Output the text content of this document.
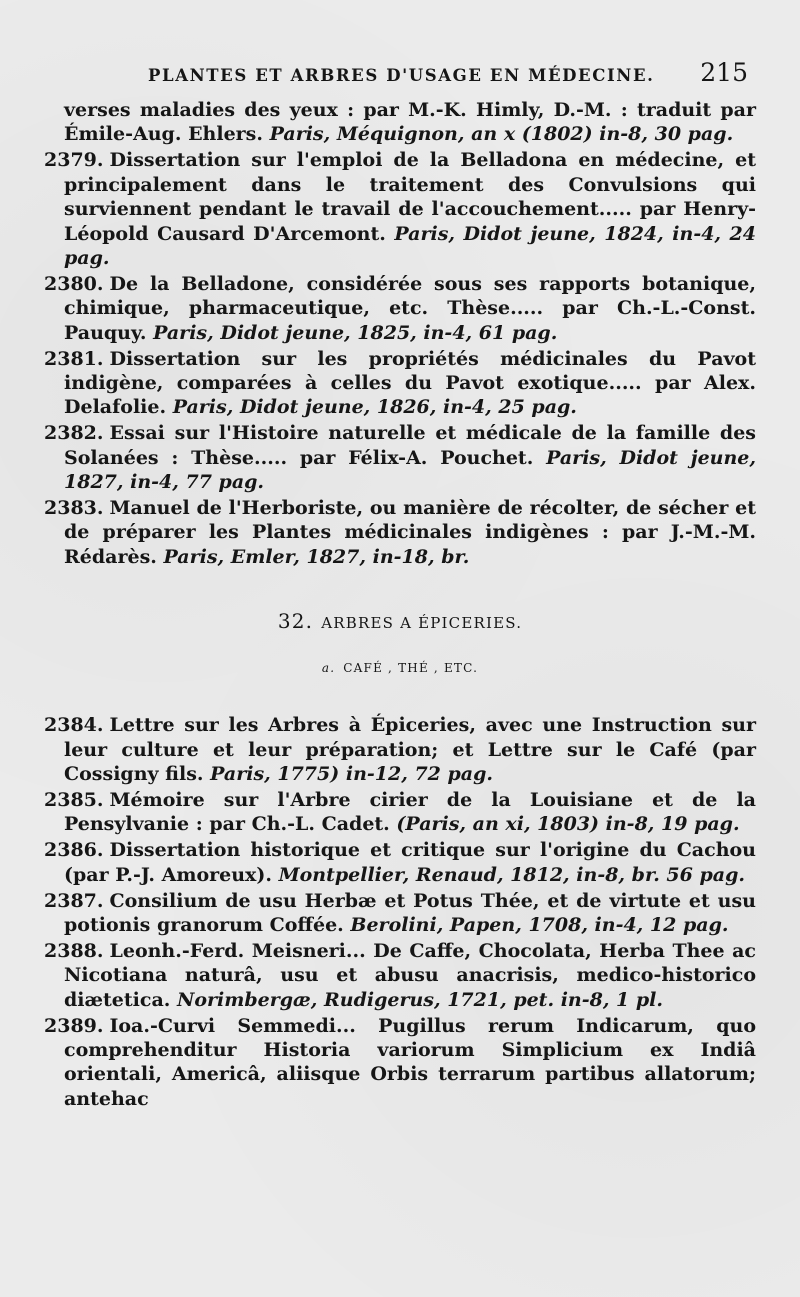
PLANTES ET ARBRES D'USAGE EN MÉDECINE. 215

verses maladies des yeux : par M.-K. Himly, D.-M. : traduit par Émile-Aug. Ehlers. Paris, Méquignon, an x (1802) in-8, 30 pag.

2379. Dissertation sur l'emploi de la Belladona en médecine, et principalement dans le traitement des Convulsions qui surviennent pendant le travail de l'accouchement..... par Henry-Léopold Causard D'Arcemont. Paris, Didot jeune, 1824, in-4, 24 pag.

2380. De la Belladone, considérée sous ses rapports botanique, chimique, pharmaceutique, etc. Thèse..... par Ch.-L.-Const. Pauquy. Paris, Didot jeune, 1825, in-4, 61 pag.

2381. Dissertation sur les propriétés médicinales du Pavot indigène, comparées à celles du Pavot exotique..... par Alex. Delafolie. Paris, Didot jeune, 1826, in-4, 25 pag.

2382. Essai sur l'Histoire naturelle et médicale de la famille des Solanées : Thèse..... par Félix-A. Pouchet. Paris, Didot jeune, 1827, in-4, 77 pag.

2383. Manuel de l'Herboriste, ou manière de récolter, de sécher et de préparer les Plantes médicinales indigènes : par J.-M.-M. Rédarès. Paris, Emler, 1827, in-18, br.

32. ARBRES A ÉPICERIES.
a. CAFÉ , THÉ , ETC.

2384. Lettre sur les Arbres à Épiceries, avec une Instruction sur leur culture et leur préparation; et Lettre sur le Café (par Cossigny fils. Paris, 1775) in-12, 72 pag.

2385. Mémoire sur l'Arbre cirier de la Louisiane et de la Pensylvanie : par Ch.-L. Cadet. (Paris, an xi, 1803) in-8, 19 pag.

2386. Dissertation historique et critique sur l'origine du Cachou (par P.-J. Amoreux). Montpellier, Renaud, 1812, in-8, br. 56 pag.

2387. Consilium de usu Herbæ et Potus Thée, et de virtute et usu potionis granorum Coffée. Berolini, Papen, 1708, in-4, 12 pag.

2388. Leonh.-Ferd. Meisneri... De Caffe, Chocolata, Herba Thee ac Nicotiana naturâ, usu et abusu anacrisis, medico-historico diætetica. Norimbergæ, Rudigerus, 1721, pet. in-8, 1 pl.

2389. Ioa.-Curvi Semmedi... Pugillus rerum Indicarum, quo comprehenditur Historia variorum Simplicium ex Indiâ orientali, Americâ, aliisque Orbis terrarum partibus allatorum; antehac
